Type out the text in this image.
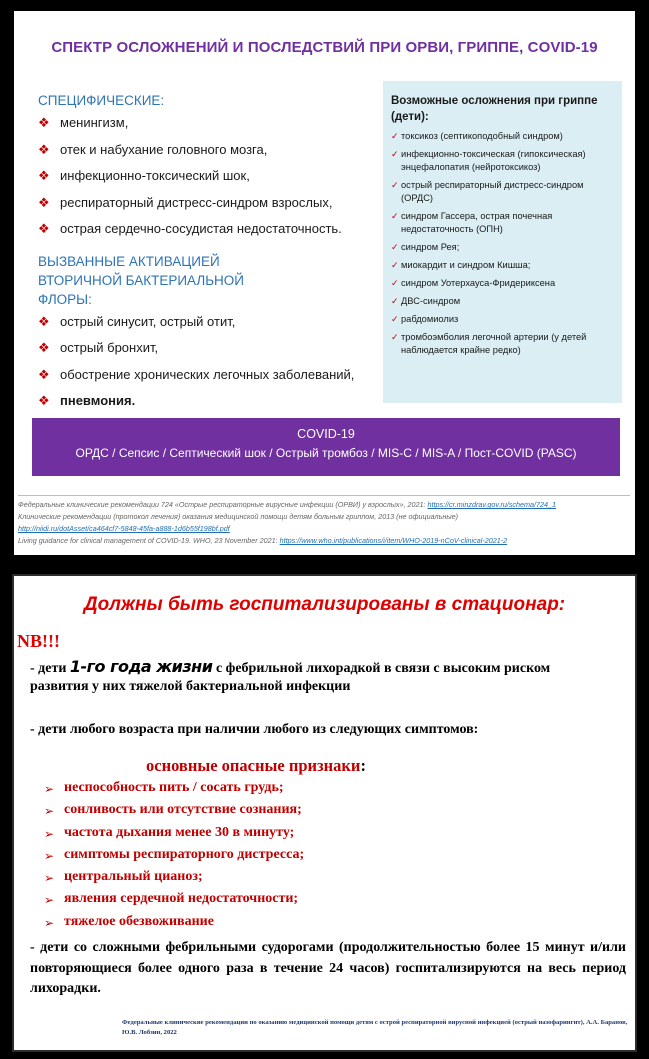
СПЕКТР ОСЛОЖНЕНИЙ И ПОСЛЕДСТВИЙ ПРИ ОРВИ, ГРИППЕ, COVID-19
СПЕЦИФИЧЕСКИЕ:
❖ менингизм,
❖ отек и набухание головного мозга,
❖ инфекционно-токсический шок,
❖ респираторный дистресс-синдром взрослых,
❖ острая сердечно-сосудистая недостаточность.
ВЫЗВАННЫЕ АКТИВАЦИЕЙ ВТОРИЧНОЙ БАКТЕРИАЛЬНОЙ ФЛОРЫ:
❖ острый синусит, острый отит,
❖ острый бронхит,
❖ обострение хронических легочных заболеваний,
❖ пневмония.
Возможные осложнения при гриппе (дети):
✓ токсикоз (септикоподобный синдром)
✓ инфекционно-токсическая (гипоксическая) энцефалопатия (нейротоксикоз)
✓ острый респираторный дистресс-синдром (ОРДС)
✓ синдром Гассера, острая почечная недостаточность (ОПН)
✓ синдром Рея;
✓ миокардит и синдром Кишша;
✓ синдром Уотерхауса-Фридериксена
✓ ДВС-синдром
✓ рабдомиолиз
✓ тромбоэмболия легочной артерии (у детей наблюдается крайне редко)
COVID-19
ОРДС / Сепсис / Септический шок / Острый тромбоз / MIS-C / MIS-A / Пост-COVID (PASC)
Федеральные клинические рекомендации 724 «Острые респираторные вирусные инфекции (ОРВИ) у взрослых», 2021: https://cr.minzdrav.gov.ru/schema/724_1
Клинические рекомендации (протокол лечения) оказания медицинской помощи детям больным гриппом, 2013 (не официальные)
http://niidi.ru/dotAsset/ca464cf7-5848-45fa-a888-1d6b55f198bf.pdf
Living guidance for clinical management of COVID-19. WHO, 23 November 2021: https://www.who.int/publications/i/item/WHO-2019-nCoV-clinical-2021-2
Должны быть госпитализированы в стационар:
NB!!!
- дети 1-го года жизни с фебрильной лихорадкой в связи с высоким риском развития у них тяжелой бактериальной инфекции
- дети любого возраста при наличии любого из следующих симптомов:
основные опасные признаки:
➢ неспособность пить / сосать грудь;
➢ сонливость или отсутствие сознания;
➢ частота дыхания менее 30 в минуту;
➢ симптомы респираторного дистресса;
➢ центральный цианоз;
➢ явления сердечной недостаточности;
➢ тяжелое обезвоживание
- дети со сложными фебрильными судорогами (продолжительностью более 15 минут и/или повторяющиеся более одного раза в течение 24 часов) госпитализируются на весь период лихорадки.
Федеральные клинические рекомендации по оказанию медицинской помощи детям с острой респираторной вирусной инфекцией (острый назофарингит), А.А. Баранов, Ю.В. Лобзин, 2022
